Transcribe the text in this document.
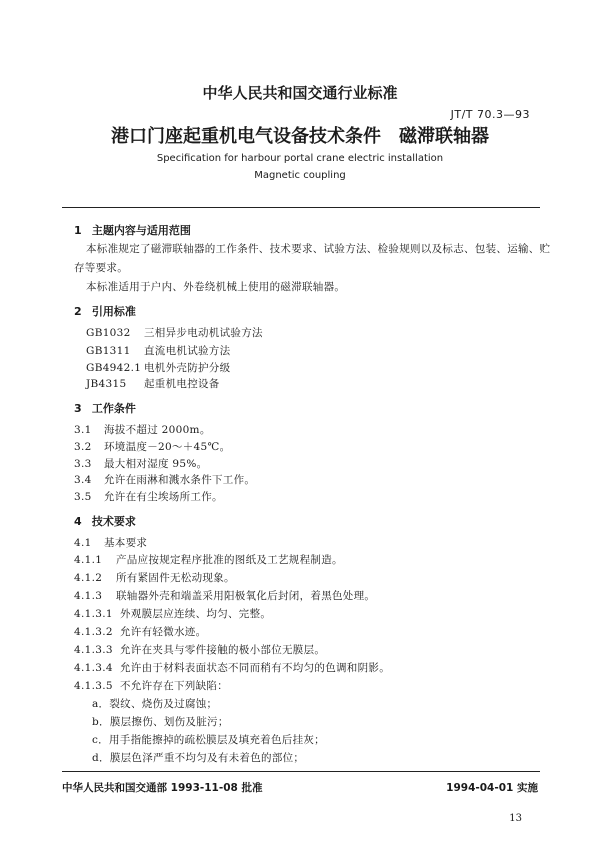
中华人民共和国交通行业标准
JT/T 70.3—93
港口门座起重机电气设备技术条件　磁滞联轴器
Specification for harbour portal crane electric installation
Magnetic coupling
1 主题内容与适用范围
本标准规定了磁滞联轴器的工作条件、技术要求、试验方法、检验规则以及标志、包装、运输、贮
存等要求。
本标准适用于户内、外卷绕机械上使用的磁滞联轴器。
2 引用标准
GB1032 三相异步电动机试验方法
GB1311 直流电机试验方法
GB4942.1 电机外壳防护分级
JB4315 起重机电控设备
3 工作条件
3.1 海拔不超过 2000m。
3.2 环境温度－20～＋45℃。
3.3 最大相对湿度 95%。
3.4 允许在雨淋和溅水条件下工作。
3.5 允许在有尘埃场所工作。
4 技术要求
4.1 基本要求
4.1.1 产品应按规定程序批准的图纸及工艺规程制造。
4.1.2 所有紧固件无松动现象。
4.1.3 联轴器外壳和端盖采用阳极氧化后封闭，着黑色处理。
4.1.3.1 外观膜层应连续、均匀、完整。
4.1.3.2 允许有轻微水迹。
4.1.3.3 允许在夹具与零件接触的极小部位无膜层。
4.1.3.4 允许由于材料表面状态不同而稍有不均匀的色调和阴影。
4.1.3.5 不允许存在下列缺陷：
a．裂纹、烧伤及过腐蚀；
b．膜层擦伤、划伤及脏污；
c．用手指能擦掉的疏松膜层及填充着色后挂灰；
d．膜层色泽严重不均匀及有未着色的部位；
中华人民共和国交通部 1993-11-08 批准	1994-04-01 实施
13
